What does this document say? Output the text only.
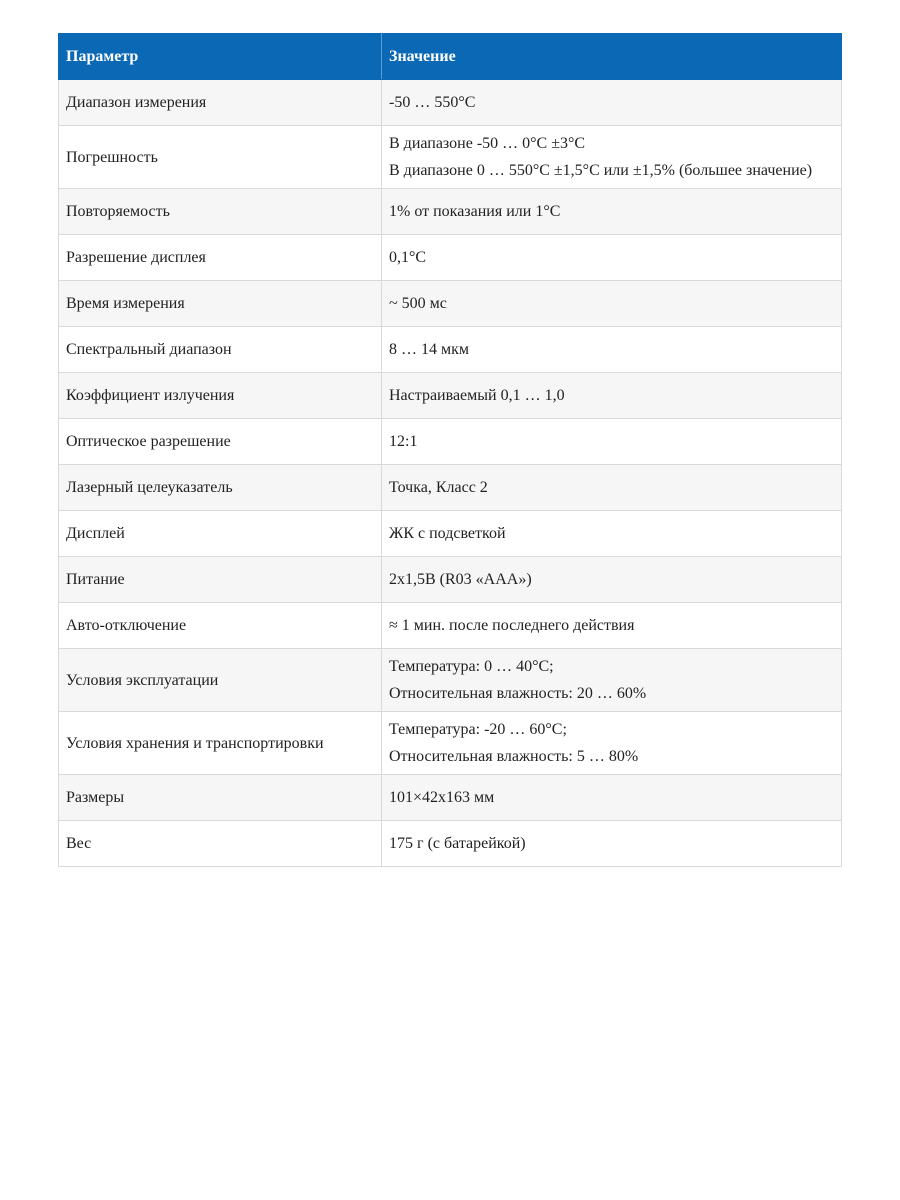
Параметр	Значение
Диапазон измерения	-50 … 550°C

Погрешность	В диапазоне -50 … 0°C ±3°C
В диапазоне 0 … 550°C ±1,5°C или ±1,5% (большее значение)

Повторяемость	1% от показания или 1°C

Разрешение дисплея	0,1°C

Время измерения	~ 500 мс

Спектральный диапазон	8 … 14 мкм

Коэффициент излучения	Настраиваемый 0,1 … 1,0

Оптическое разрешение	12:1

Лазерный целеуказатель	Точка, Класс 2

Дисплей	ЖК с подсветкой

Питание	2х1,5В (R03 «AAA»)

Авто-отключение	≈ 1 мин. после последнего действия

Условия эксплуатации	Температура: 0 … 40°C;
Относительная влажность: 20 … 60%

Условия хранения и транспортировки	Температура: -20 … 60°C;
Относительная влажность: 5 … 80%

Размеры	101×42х163 мм

Вес	175 г (с батарейкой)
